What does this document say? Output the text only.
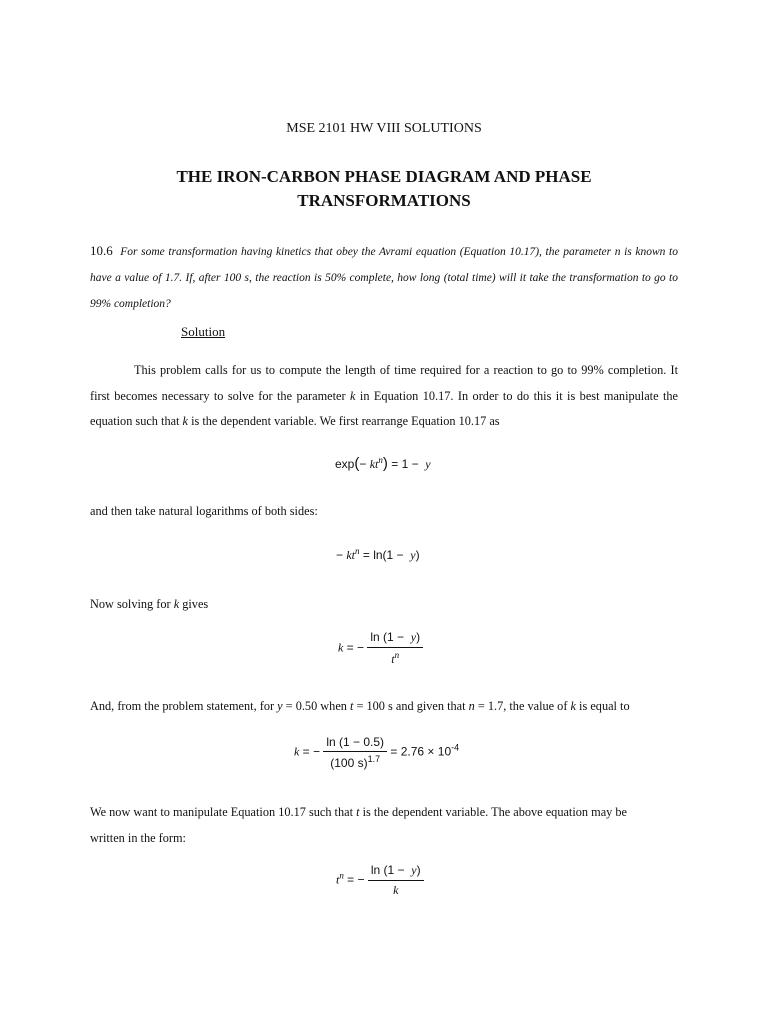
MSE 2101 HW VIII SOLUTIONS
THE IRON-CARBON PHASE DIAGRAM AND PHASE
TRANSFORMATIONS
10.6 For some transformation having kinetics that obey the Avrami equation (Equation 10.17), the parameter n is known to have a value of 1.7. If, after 100 s, the reaction is 50% complete, how long (total time) will it take the transformation to go to 99% completion?
Solution
This problem calls for us to compute the length of time required for a reaction to go to 99% completion. It first becomes necessary to solve for the parameter k in Equation 10.17. In order to do this it is best manipulate the equation such that k is the dependent variable. We first rearrange Equation 10.17 as
$\exp(- kt^n) = 1 - y$
and then take natural logarithms of both sides:
− $kt^n = \ln(1 - y)$
Now solving for k gives
k = − $\frac{\ln (1 - y)}{t^n}$
And, from the problem statement, for y = 0.50 when t = 100 s and given that n = 1.7, the value of k is equal to
k = − $\frac{\ln (1 - 0.5)}{(100 s)^{1.7}} = 2.76 \times 10^{-4}$
We now want to manipulate Equation 10.17 such that t is the dependent variable. The above equation may be
written in the form:
$t^n$ = − $\frac{\ln (1 - y)}{k}$
